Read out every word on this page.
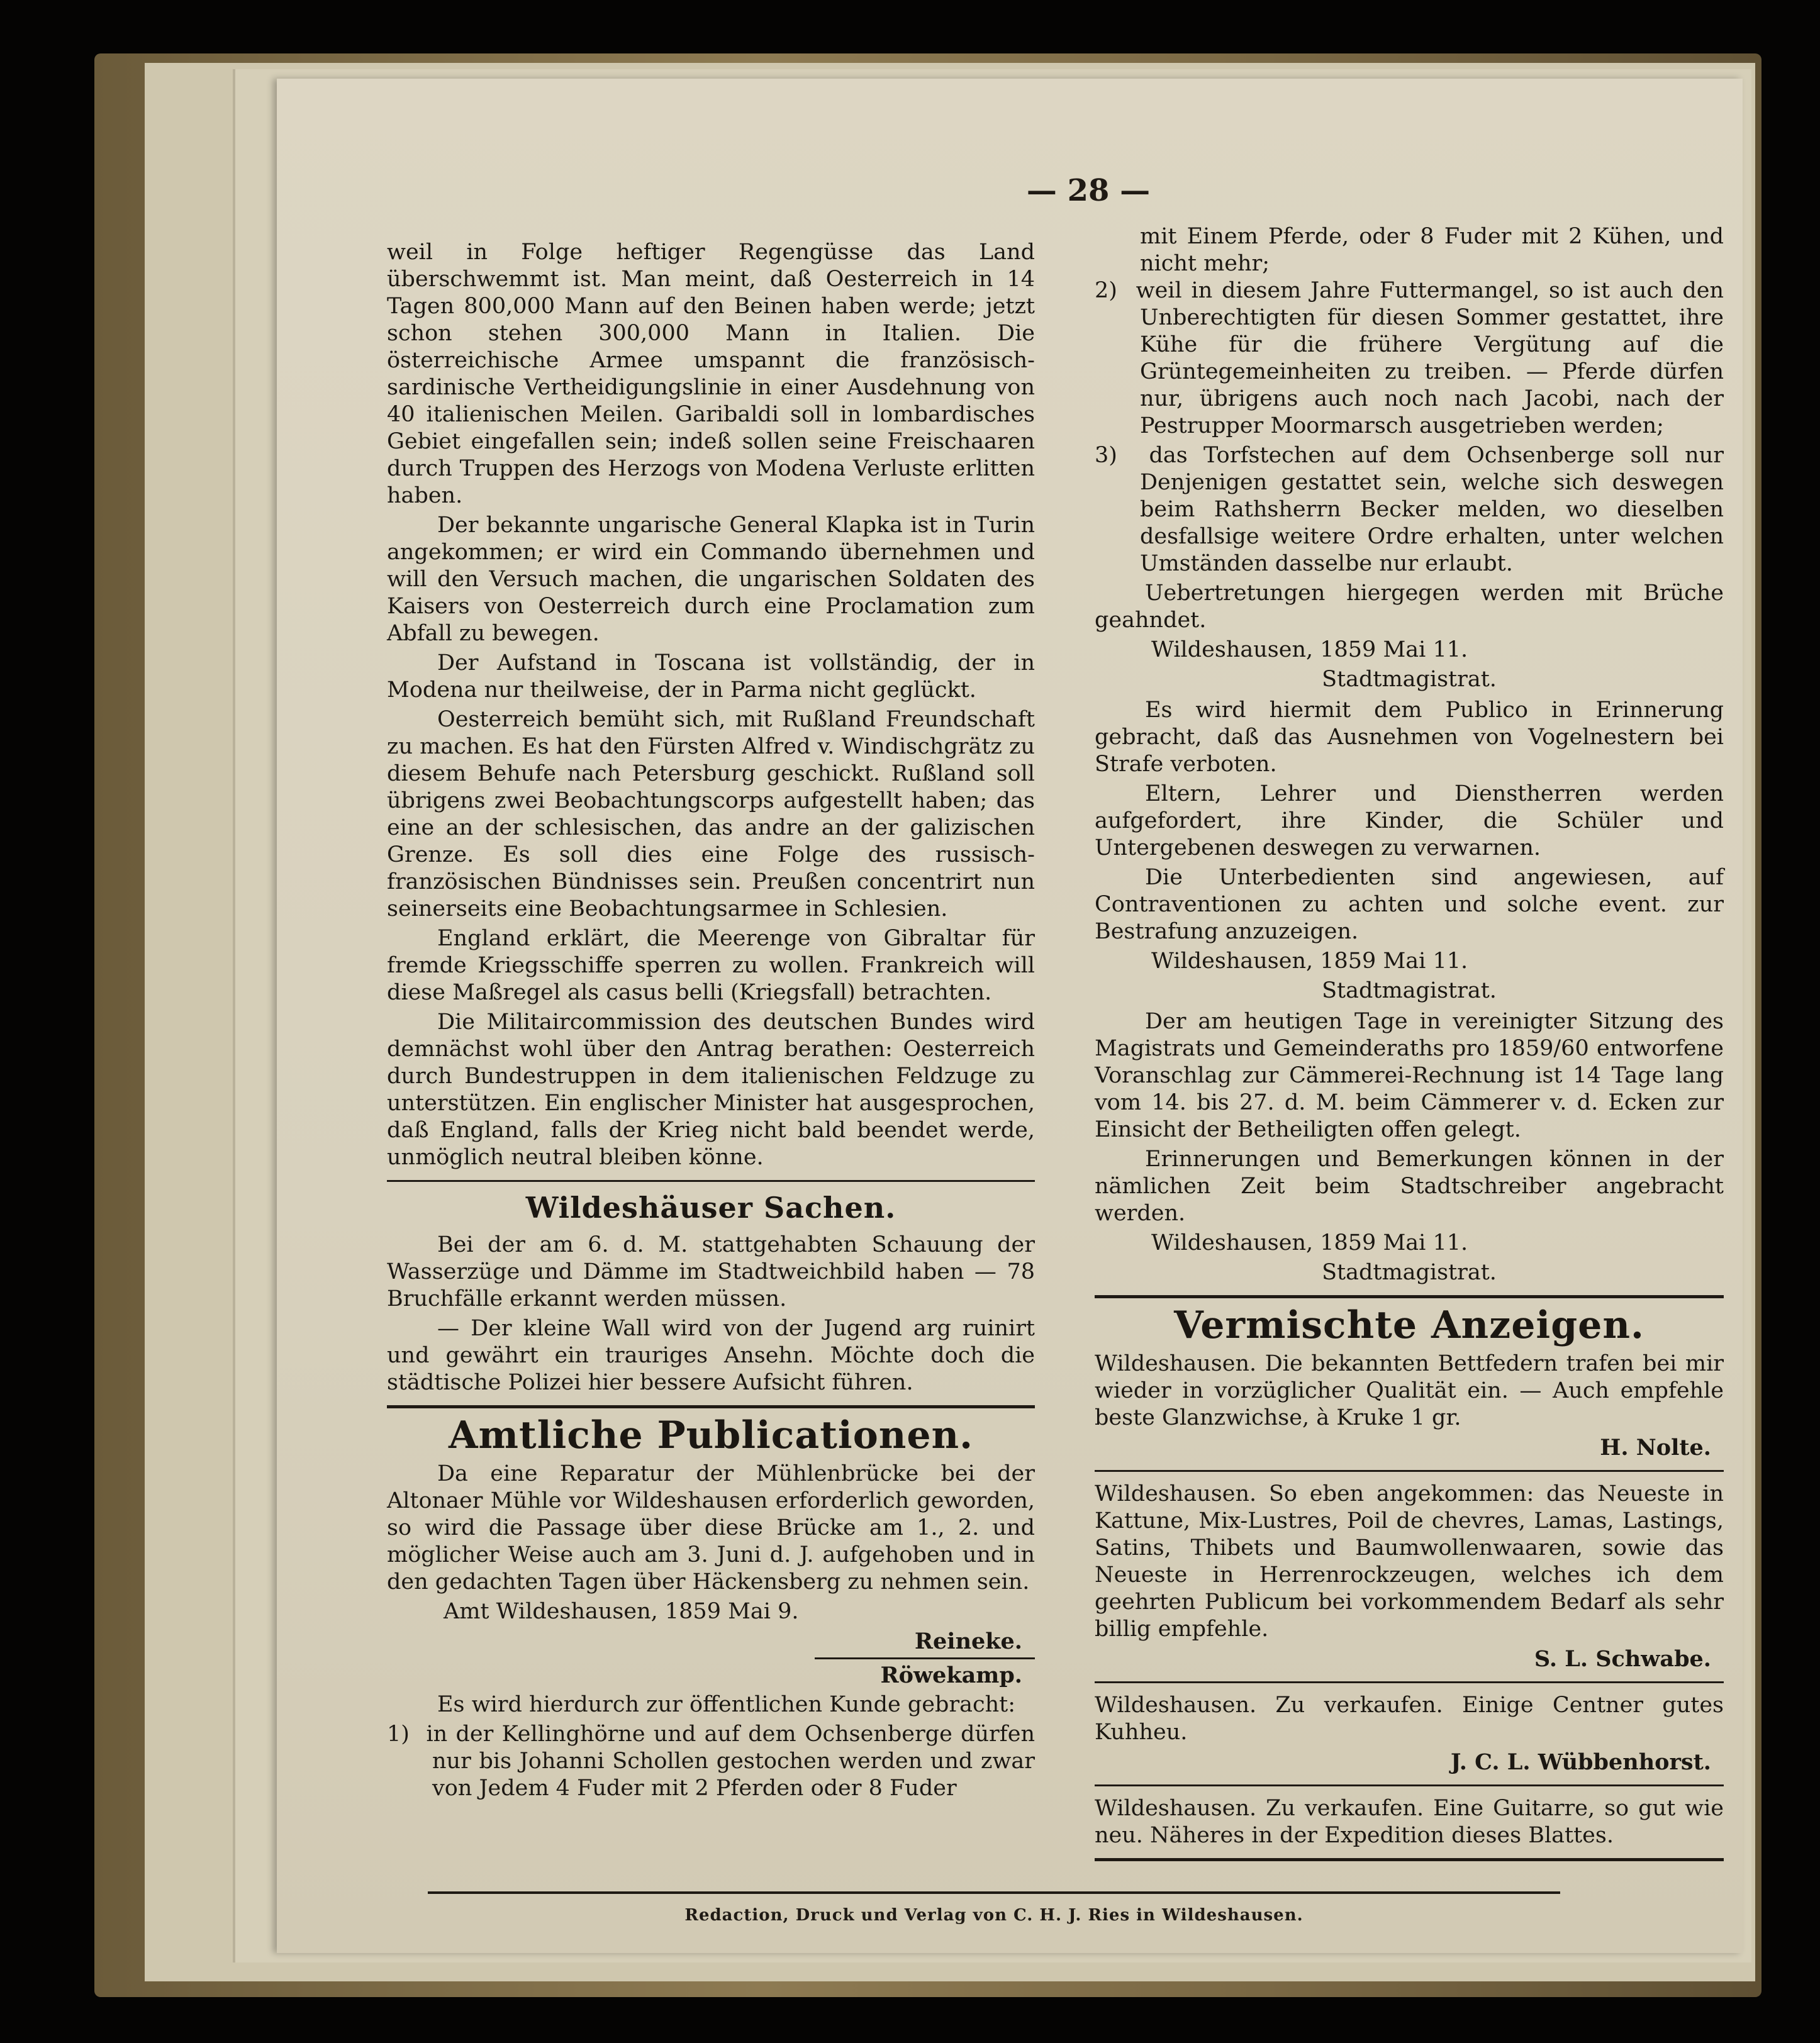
— 28 —

weil in Folge heftiger Regengüsse das Land überschwemmt ist. Man meint, daß Oesterreich in 14 Tagen 800,000 Mann auf den Beinen haben werde; jetzt schon stehen 300,000 Mann in Italien. Die österreichische Armee umspannt die französisch-sardinische Vertheidigungslinie in einer Ausdehnung von 40 italienischen Meilen. Garibaldi soll in lombardisches Gebiet eingefallen sein; indeß sollen seine Freischaaren durch Truppen des Herzogs von Modena Verluste erlitten haben.

Der bekannte ungarische General Klapka ist in Turin angekommen; er wird ein Commando übernehmen und will den Versuch machen, die ungarischen Soldaten des Kaisers von Oesterreich durch eine Proclamation zum Abfall zu bewegen.

Der Aufstand in Toscana ist vollständig, der in Modena nur theilweise, der in Parma nicht geglückt.

Oesterreich bemüht sich, mit Rußland Freundschaft zu machen. Es hat den Fürsten Alfred v. Windischgrätz zu diesem Behufe nach Petersburg geschickt. Rußland soll übrigens zwei Beobachtungscorps aufgestellt haben; das eine an der schlesischen, das andre an der galizischen Grenze. Es soll dies eine Folge des russisch-französischen Bündnisses sein. Preußen concentrirt nun seinerseits eine Beobachtungsarmee in Schlesien.

England erklärt, die Meerenge von Gibraltar für fremde Kriegsschiffe sperren zu wollen. Frankreich will diese Maßregel als casus belli (Kriegsfall) betrachten.

Die Militaircommission des deutschen Bundes wird demnächst wohl über den Antrag berathen: Oesterreich durch Bundestruppen in dem italienischen Feldzuge zu unterstützen. Ein englischer Minister hat ausgesprochen, daß England, falls der Krieg nicht bald beendet werde, unmöglich neutral bleiben könne.

Wildeshäuser Sachen.

Bei der am 6. d. M. stattgehabten Schauung der Wasserzüge und Dämme im Stadtweichbild haben — 78 Bruchfälle erkannt werden müssen.

— Der kleine Wall wird von der Jugend arg ruinirt und gewährt ein trauriges Ansehn. Möchte doch die städtische Polizei hier bessere Aufsicht führen.

Amtliche Publicationen.

Da eine Reparatur der Mühlenbrücke bei der Altonaer Mühle vor Wildeshausen erforderlich geworden, so wird die Passage über diese Brücke am 1., 2. und möglicher Weise auch am 3. Juni d. J. aufgehoben und in den gedachten Tagen über Häckensberg zu nehmen sein.

Amt Wildeshausen, 1859 Mai 9.
Reineke.
Röwekamp.

Es wird hierdurch zur öffentlichen Kunde gebracht:

1) in der Kellinghörne und auf dem Ochsenberge dürfen nur bis Johanni Schollen gestochen werden und zwar von Jedem 4 Fuder mit 2 Pferden oder 8 Fuder
mit Einem Pferde, oder 8 Fuder mit 2 Kühen, und nicht mehr;
2) weil in diesem Jahre Futtermangel, so ist auch den Unberechtigten für diesen Sommer gestattet, ihre Kühe für die frühere Vergütung auf die Grüntegemeinheiten zu treiben. — Pferde dürfen nur, übrigens auch noch nach Jacobi, nach der Pestrupper Moormarsch ausgetrieben werden;
3) das Torfstechen auf dem Ochsenberge soll nur Denjenigen gestattet sein, welche sich deswegen beim Rathsherrn Becker melden, wo dieselben desfallsige weitere Ordre erhalten, unter welchen Umständen dasselbe nur erlaubt.

Uebertretungen hiergegen werden mit Brüche geahndet.

Wildeshausen, 1859 Mai 11.
Stadtmagistrat.

Es wird hiermit dem Publico in Erinnerung gebracht, daß das Ausnehmen von Vogelnestern bei Strafe verboten.

Eltern, Lehrer und Dienstherren werden aufgefordert, ihre Kinder, die Schüler und Untergebenen deswegen zu verwarnen.

Die Unterbedienten sind angewiesen, auf Contraventionen zu achten und solche event. zur Bestrafung anzuzeigen.

Wildeshausen, 1859 Mai 11.
Stadtmagistrat.

Der am heutigen Tage in vereinigter Sitzung des Magistrats und Gemeinderaths pro 1859/60 entworfene Voranschlag zur Cämmerei-Rechnung ist 14 Tage lang vom 14. bis 27. d. M. beim Cämmerer v. d. Ecken zur Einsicht der Betheiligten offen gelegt.

Erinnerungen und Bemerkungen können in der nämlichen Zeit beim Stadtschreiber angebracht werden.

Wildeshausen, 1859 Mai 11.
Stadtmagistrat.
Vermischte Anzeigen.

Wildeshausen. Die bekannten Bettfedern trafen bei mir wieder in vorzüglicher Qualität ein. — Auch empfehle beste Glanzwichse, à Kruke 1 gr.

H. Nolte.

Wildeshausen. So eben angekommen: das Neueste in Kattune, Mix-Lustres, Poil de chevres, Lamas, Lastings, Satins, Thibets und Baumwollenwaaren, sowie das Neueste in Herrenrockzeugen, welches ich dem geehrten Publicum bei vorkommendem Bedarf als sehr billig empfehle.

S. L. Schwabe.

Wildeshausen. Zu verkaufen. Einige Centner gutes Kuhheu.

J. C. L. Wübbenhorst.

Wildeshausen. Zu verkaufen. Eine Guitarre, so gut wie neu. Näheres in der Expedition dieses Blattes.

Redaction, Druck und Verlag von C. H. J. Ries in Wildeshausen.
